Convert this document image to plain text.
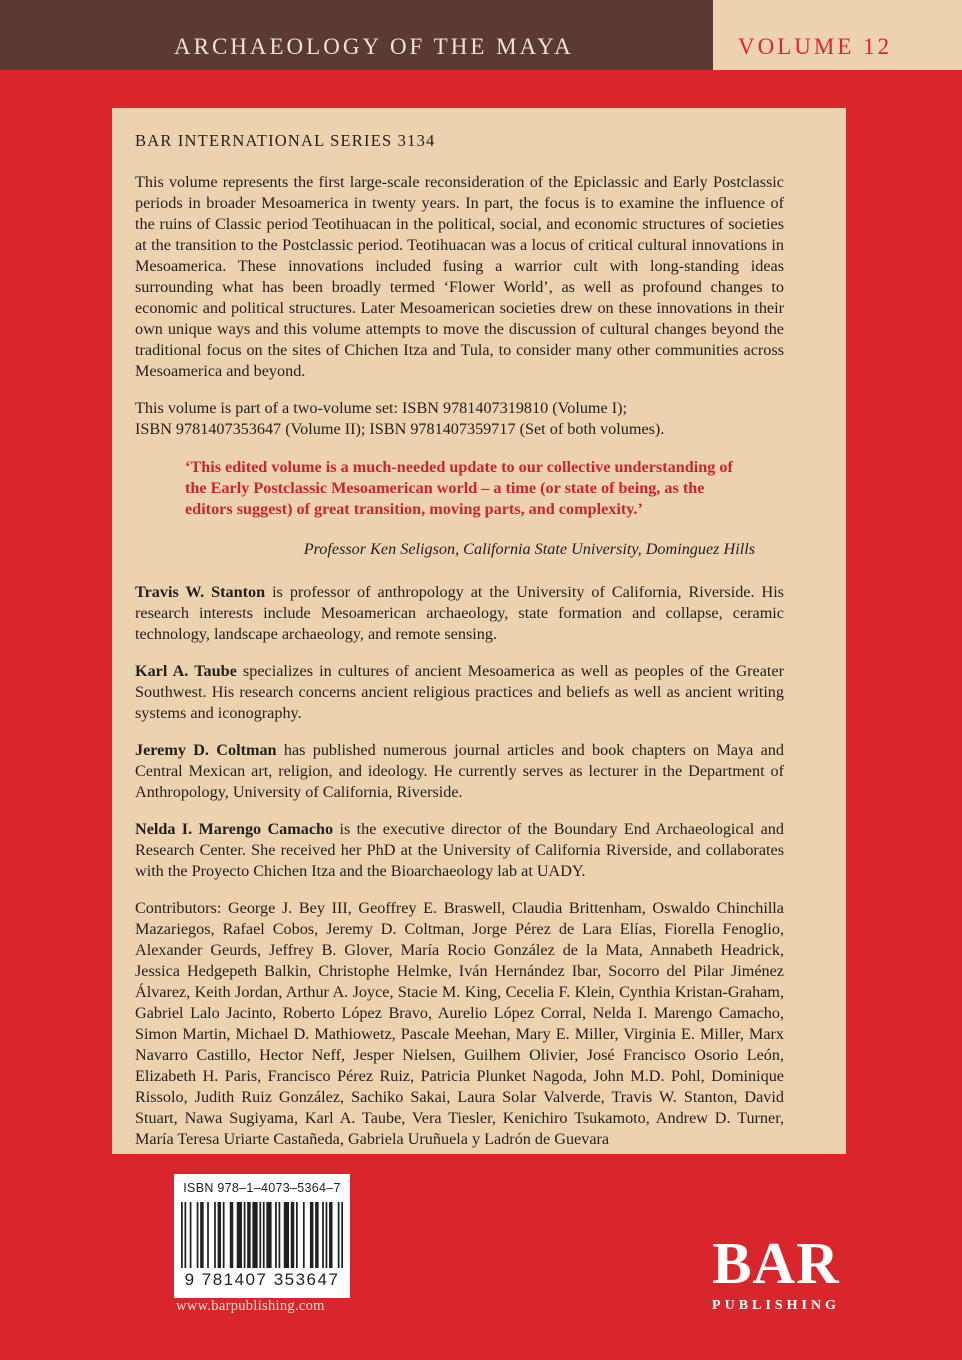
ARCHAEOLOGY OF THE MAYA	VOLUME 12
BAR INTERNATIONAL SERIES 3134

This volume represents the first large-scale reconsideration of the Epiclassic and Early Postclassic periods in broader Mesoamerica in twenty years. In part, the focus is to examine the influence of the ruins of Classic period Teotihuacan in the political, social, and economic structures of societies at the transition to the Postclassic period. Teotihuacan was a locus of critical cultural innovations in Mesoamerica. These innovations included fusing a warrior cult with long-standing ideas surrounding what has been broadly termed ‘Flower World’, as well as profound changes to economic and political structures. Later Mesoamerican societies drew on these innovations in their own unique ways and this volume attempts to move the discussion of cultural changes beyond the traditional focus on the sites of Chichen Itza and Tula, to consider many other communities across Mesoamerica and beyond.

This volume is part of a two-volume set: ISBN 9781407319810 (Volume I);
ISBN 9781407353647 (Volume II); ISBN 9781407359717 (Set of both volumes).
‘This edited volume is a much-needed update to our collective understanding of the Early Postclassic Mesoamerican world – a time (or state of being, as the editors suggest) of great transition, moving parts, and complexity.’
Professor Ken Seligson, California State University, Dominguez Hills

Travis W. Stanton is professor of anthropology at the University of California, Riverside. His research interests include Mesoamerican archaeology, state formation and collapse, ceramic technology, landscape archaeology, and remote sensing.

Karl A. Taube specializes in cultures of ancient Mesoamerica as well as peoples of the Greater Southwest. His research concerns ancient religious practices and beliefs as well as ancient writing systems and iconography.

Jeremy D. Coltman has published numerous journal articles and book chapters on Maya and Central Mexican art, religion, and ideology. He currently serves as lecturer in the Department of Anthropology, University of California, Riverside.

Nelda I. Marengo Camacho is the executive director of the Boundary End Archaeological and Research Center. She received her PhD at the University of California Riverside, and collaborates with the Proyecto Chichen Itza and the Bioarchaeology lab at UADY.

Contributors: George J. Bey III, Geoffrey E. Braswell, Claudia Brittenham, Oswaldo Chinchilla Mazariegos, Rafael Cobos, Jeremy D. Coltman, Jorge Pérez de Lara Elías, Fiorella Fenoglio, Alexander Geurds, Jeffrey B. Glover, María Rocio González de la Mata, Annabeth Headrick, Jessica Hedgepeth Balkin, Christophe Helmke, Iván Hernández Ibar, Socorro del Pilar Jiménez Álvarez, Keith Jordan, Arthur A. Joyce, Stacie M. King, Cecelia F. Klein, Cynthia Kristan-Graham, Gabriel Lalo Jacinto, Roberto López Bravo, Aurelio López Corral, Nelda I. Marengo Camacho, Simon Martin, Michael D. Mathiowetz, Pascale Meehan, Mary E. Miller, Virginia E. Miller, Marx Navarro Castillo, Hector Neff, Jesper Nielsen, Guilhem Olivier, José Francisco Osorio León, Elizabeth H. Paris, Francisco Pérez Ruiz, Patricia Plunket Nagoda, John M.D. Pohl, Dominique Rissolo, Judith Ruiz González, Sachiko Sakai, Laura Solar Valverde, Travis W. Stanton, David Stuart, Nawa Sugiyama, Karl A. Taube, Vera Tiesler, Kenichiro Tsukamoto, Andrew D. Turner, María Teresa Uriarte Castañeda, Gabriela Uruñuela y Ladrón de Guevara

ISBN 978–1–4073–5364–7
9 781407 353647
www.barpublishing.com
BAR
PUBLISHING
